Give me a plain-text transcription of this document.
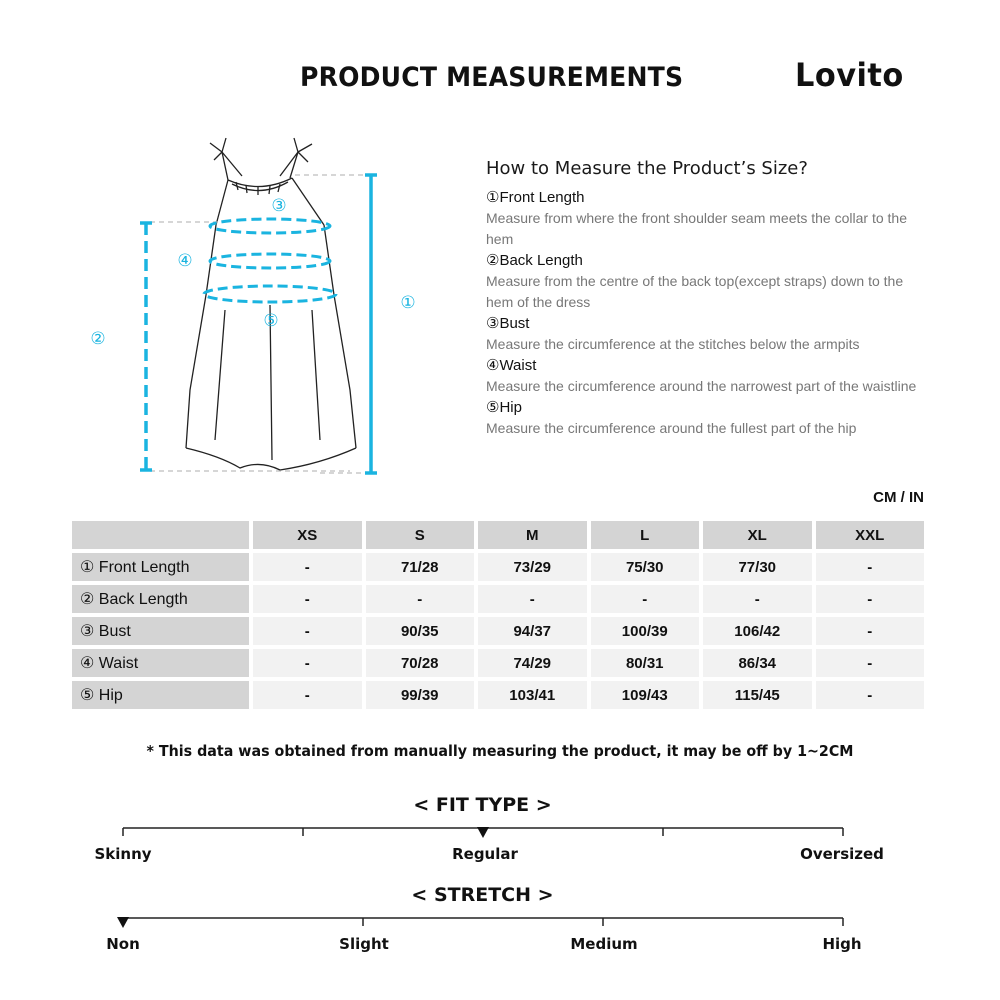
PRODUCT MEASUREMENTS	Lovito
③
④
⑤
②
①
How to Measure the Product’s Size?
①Front Length
Measure from where the front shoulder seam meets the collar to the hem
②Back Length
Measure from the centre of the back top(except straps) down to the hem of the dress
③Bust
Measure the circumference at the stitches below the armpits
④Waist
Measure the circumference around the narrowest part of the waistline
⑤Hip
Measure the circumference around the fullest part of the hip
CM / IN
	XS	S	M	L	XL	XXL
① Front Length	-	71/28	73/29	75/30	77/30	-
② Back Length	-	-	-	-	-	-
③ Bust	-	90/35	94/37	100/39	106/42	-
④ Waist	-	70/28	74/29	80/31	86/34	-
⑤ Hip	-	99/39	103/41	109/43	115/45	-
* This data was obtained from manually measuring the product, it may be off by 1~2CM
< FIT TYPE >
Skinny	Regular	Oversized
< STRETCH >
Non	Slight	Medium	High
